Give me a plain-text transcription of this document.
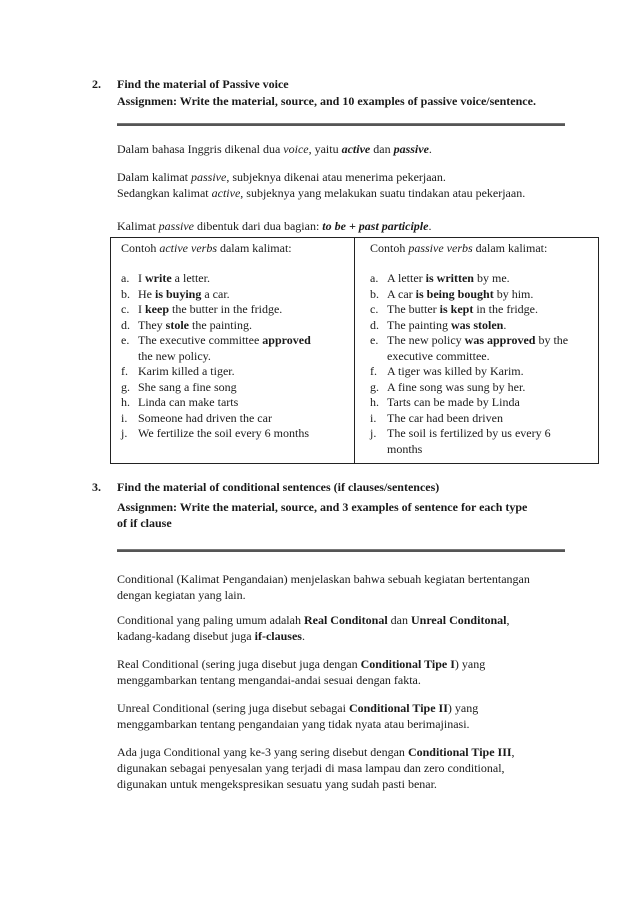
2. Find the material of Passive voice
Assignmen: Write the material, source, and 10 examples of passive voice/sentence.
Dalam bahasa Inggris dikenal dua voice, yaitu active dan passive.
Dalam kalimat passive, subjeknya dikenai atau menerima pekerjaan.
Sedangkan kalimat active, subjeknya yang melakukan suatu tindakan atau pekerjaan.
Kalimat passive dibentuk dari dua bagian: to be + past participle.
Contoh active verbs dalam kalimat:	Contoh passive verbs dalam kalimat:
a. I write a letter.
b. He is buying a car.
c. I keep the butter in the fridge.
d. They stole the painting.
e. The executive committee approved
the new policy.
f. Karim killed a tiger.
g. She sang a fine song
h. Linda can make tarts
i. Someone had driven the car
j. We fertilize the soil every 6 months
a. A letter is written by me.
b. A car is being bought by him.
c. The butter is kept in the fridge.
d. The painting was stolen.
e. The new policy was approved by the
executive committee.
f. A tiger was killed by Karim.
g. A fine song was sung by her.
h. Tarts can be made by Linda
i. The car had been driven
j. The soil is fertilized by us every 6
months
3. Find the material of conditional sentences (if clauses/sentences)
Assignmen: Write the material, source, and 3 examples of sentence for each type
of if clause
Conditional (Kalimat Pengandaian) menjelaskan bahwa sebuah kegiatan bertentangan
dengan kegiatan yang lain.
Conditional yang paling umum adalah Real Conditonal dan Unreal Conditonal,
kadang-kadang disebut juga if-clauses.
Real Conditional (sering juga disebut juga dengan Conditional Tipe I) yang
menggambarkan tentang mengandai-andai sesuai dengan fakta.
Unreal Conditional (sering juga disebut sebagai Conditional Tipe II) yang
menggambarkan tentang pengandaian yang tidak nyata atau berimajinasi.
Ada juga Conditional yang ke-3 yang sering disebut dengan Conditional Tipe III,
digunakan sebagai penyesalan yang terjadi di masa lampau dan zero conditional,
digunakan untuk mengekspresikan sesuatu yang sudah pasti benar.
